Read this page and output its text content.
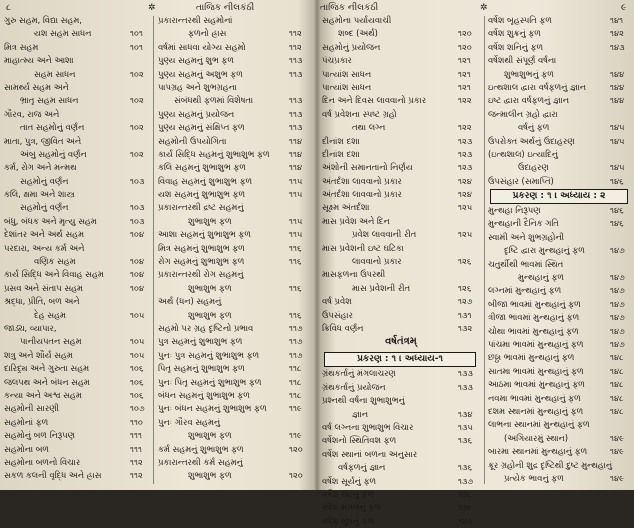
૮	✲	તાજિક નીલકંઠી
ગુરુ સહમ, વિદ્યા સહમ,
યશ સહમ સાધન	૧૦૧
મિત્ર સહમ	૧૦૧
માહાત્મ્ય અને આશા
સહમ સાધન	૧૦૨
સામર્થ્ય સહમ અને
ભ્રાતૃ સહમ સાધન	૧૦૨
ગૌરવ, રાજ અને
તાત સહમોનું વર્ણન	૧૦૨
માતા, પુત્ર, જીવિત અને
અંબુ સહમોનું વર્ણન	૧૦૨
કર્મ, રોગ અને મન્મથ
સહમોનું વર્ણન	૧૦૩
કલિ, ક્ષમા અને શાસ્ત્ર
સહમોનું વર્ણન	૧૦૩
બંધુ, બંધક અને મૃત્યુ સહમ	૧૦૩
દેશાંતર અને અર્થ સહમ	૧૦૪
પરદારા, અન્ય કર્મ અને
વણિક સહમ	૧૦૪
કાર્ય સિદ્ધિ અને વિવાહ સહમ	૧૦૪
પ્રસવ અને સંતાપ સહમ	૧૦૪
શ્રદ્ધા, પ્રીતિ, બળ અને
દેહ સહમ	૧૦૫
જાડ્ય, વ્યાપાર,
પાનીયપતન સહમ	૧૦૫
શત્રુ અને શૌર્ય સહમ	૧૦૫
દારિદ્ર્ય અને ગુરુતા સહમ	૧૦૬
જલપથ અને બંધન સહમ	૧૦૬
કન્યા અને અશ્વ સહમ	૧૦૬
સહમોની સારણી	૧૦૭
સહમોનાં ફળ	૧૧૦
સહમોનું બળ નિરૂપણ	૧૧૧
સહમોના બળ	૧૧૧
સહમોના બળનો વિચાર	૧૧૨
સકળ કલની વૃદ્ધિ અને હ્રાસ	૧૧૨
પ્રકારાન્તરથી સહમોનાં
ફળનો હ્રાસ	૧૧૨
વર્ષમાં સાધવા યોગ્ય સહમો	૧૧૨
પુણ્ય સહમનું શુભ ફળ	૧૧૩
પુણ્ય સહમનું અશુભ ફળ	૧૧૩
પાપગ્રહ અને શુભગ્રહના
સંબંધથી ફળમાં વિશેષતા	૧૧૩
પુણ્ય સહમનું પ્રયોજન	૧૧૩
પુણ્ય સહમનું સંક્ષિપ્ત ફળ	૧૧૩
સહમોની ઉપયોગિતા	૧૧૪
કાર્ય સિદ્ધિ સહમનું શુભાશુભ ફળ ૧૧૪
કલિ સહમનું શુભાશુભ ફળ	૧૧૪
વિવાહ સહમનું શુભાશુભ ફળ	૧૧૫
યશ સહમનું શુભાશુભ ફળ	૧૧૫
પ્રકારાન્તરથી દ્રષ્ટ સહમનું
શુભાશુભ ફળ	૧૧૫
આશા સહમનું શુભાશુભ ફળ	૧૧૫
મિત્ર સહમનું શુભાશુભ ફળ	૧૧૬
રોગ સહમનું શુભાશુભ ફળ	૧૧૬
પ્રકારાન્તરથી રોગ સહમનું
શુભાશુભ ફળ	૧૧૬
અર્થ (ધન) સહમનું
શુભાશુભ ફળ	૧૧૬
સહમો પર ગ્રહ દૃષ્ટિનો પ્રભાવ	૧૧૭
પુત્ર સહમનું શુભાશુભ ફળ	૧૧૭
પુનઃ પુત્ર સહમનું શુભાશુભ ફળ	૧૧૭
પિતૃ સહમનું શુભાશુભ ફળ	૧૧૮
પુનઃ પિતૃ સહમનું શુભાશુભ ફળ	૧૧૮
બંધન સહમનું શુભાશુભ ફળ	૧૧૮
પુનઃ બંધન સહમનું શુભાશુભ ફળ	૧૧૯
પુનઃ ગૌરવ સહમનું
શુભાશુભ ફળ	૧૧૯
કર્મ સહમનું શુભાશુભ ફળ	૧૨૦
પ્રકારાન્તરથી કર્મ સહમનું
શુભાશુભ ફળ	૧૨૦
તાજિક નીલકંઠી	✲	૯
સહમોના પર્યાયવાચી
શબ્દ (અર્થ)	૧૨૦
સહમોનું પ્રયોજન	૧૨૦
પંચપ્રકાર	૧૨૧
પાત્યાંશ સાધન	૧૨૧
પાત્યાંશ સાધન	૧૨૧
દિન અને દિવસ લાવવાનો પ્રકાર	૧૨૨
વર્ષ પ્રવેશના સ્પષ્ટ ગ્રહો
તથા લગ્ન	૧૨૨
દીનાંશ દશા	૧૨૩
દીનાંશ દશા	૧૨૩
અંશોની સમાનતાનો નિર્ણય	૧૨૩
અંતર્દશા લાવવાનો પ્રકાર	૧૨૪
અંતર્દશા લાવવાનો પ્રકાર	૧૨૪
સૂક્ષ્મ અંતર્દશા	૧૨૫
માસ પ્રવેશ અને દિન
પ્રવેશ લાવવાની રીત	૧૨૫
માસ પ્રવેશની ઇષ્ટ ઘટિકા
લાવવાનો પ્રકાર	૧૨૬
માસફળના ઉપરથી
માસ પ્રવેશની રીત	૧૨૬
વર્ષ પ્રવેશ	૧૨૭
ઉપસંહાર	૧૩૧
ક્રિવિધ વર્ણન	૧૩૨
વર્ષતંત્રમ્
પ્રકરણ : ૧ । અધ્યાય-૧
ગ્રંથકર્તાનું મંગલાચરણ	૧૩૩
ગ્રંથકર્તાનું પ્રયોજન	૧૩૩
પ્રશ્નથી વર્ષના શુભાશુભનું
જ્ઞાન	૧૩૪
વર્ષ લગ્નના શુભાશુભ વિચાર	૧૩૫
વર્ષેશનો સ્થિતિવશ ફળ	૧૩૬
વર્ષેશ સ્થાનાં બળના અનુસાર
વર્ષફળનું જ્ઞાન	૧૩૬
વર્ષેશ સૂર્યનું ફળ	૧૩૭
વર્ષેશ ચંદ્રનું ફળ	૧૩૮
વર્ષેશ મંગળનું ફળ	૧૩૯
વર્ષેશ બુધનું ફળ	૧૪૦
વર્ષેશ બૃહસ્પતિ ફળ	૧૪૧
વર્ષેશ શુક્રનું ફળ	૧૪૨
વર્ષેશ શનિનું ફળ	૧૪૩
વર્ષેશથી સંપૂર્ણ વર્ષના
શુભાશુભનું ફળ	૧૪૪
ઇત્થશાલ દ્વારા વર્ષફળનું જ્ઞાન	૧૪૪
ઇષ્ટ દ્વારા વર્ષફળનું જ્ઞાન	૧૪૪
જન્માલીન ગ્રહો દ્વારા
વર્ષનું ફળ	૧૪૫
ઉપરોક્ત અર્થનું ઉદાહરણ	૧૪૫
(ઇત્થશાલ) ઇત્યાદિનું
ઉદાહરણ	૧૪૫
ઉપસંહાર (સમાપ્તિ)	૧૪૬
પ્રકરણ : ૧ । અધ્યાય : ૨
મુન્થહા નિરૂપણ	૧૪૬
મુન્થહાની દૈનિક ગતિ	૧૪૬
સ્વામી અને શુભગ્રહોની
દૃષ્ટિ દ્વારા મુન્થહાનું ફળ	૧૪૭
ચતુર્થીથી ભાવમાં સ્થિત
મુન્થહાનું ફળ	૧૪૭
લગ્નમાં મુન્થહાનું ફળ	૧૪૭
બીજા ભાવમાં મુન્થહાનું ફળ	૧૪૭
ત્રીજા ભાવમાં મુન્થહાનું ફળ	૧૪૭
ચોથા ભાવમાં મુન્થહાનું ફળ	૧૪૭
પાંચમા ભાવમાં મુન્થહાનું ફળ	૧૪૭
છઠ્ઠા ભાવમાં મુન્થહાનું ફળ	૧૪૮
સાતમા ભાવમાં મુન્થહાનું ફળ	૧૪૮
આઠમા ભાવમાં મુન્થહાનું ફળ	૧૪૮
નવમા ભાવમાં મુન્થહાનું ફળ	૧૪૮
દશમ સ્થાનમાં મુન્થહાનું ફળ	૧૪૮
લાભના સ્થાનમાં મુન્થહાનું ફળ
(અગિયારમું સ્થાન)	૧૪૯
બારમા સ્થાનમાં મુન્થહાનું ફળ	૧૪૯
ક્રૂર ગ્રહોની શુદ્ર દૃષ્ટિથી દુષ્ટ મુન્થહાનું
પ્રત્યેક ભાવનું ફળ	૧૪૯
